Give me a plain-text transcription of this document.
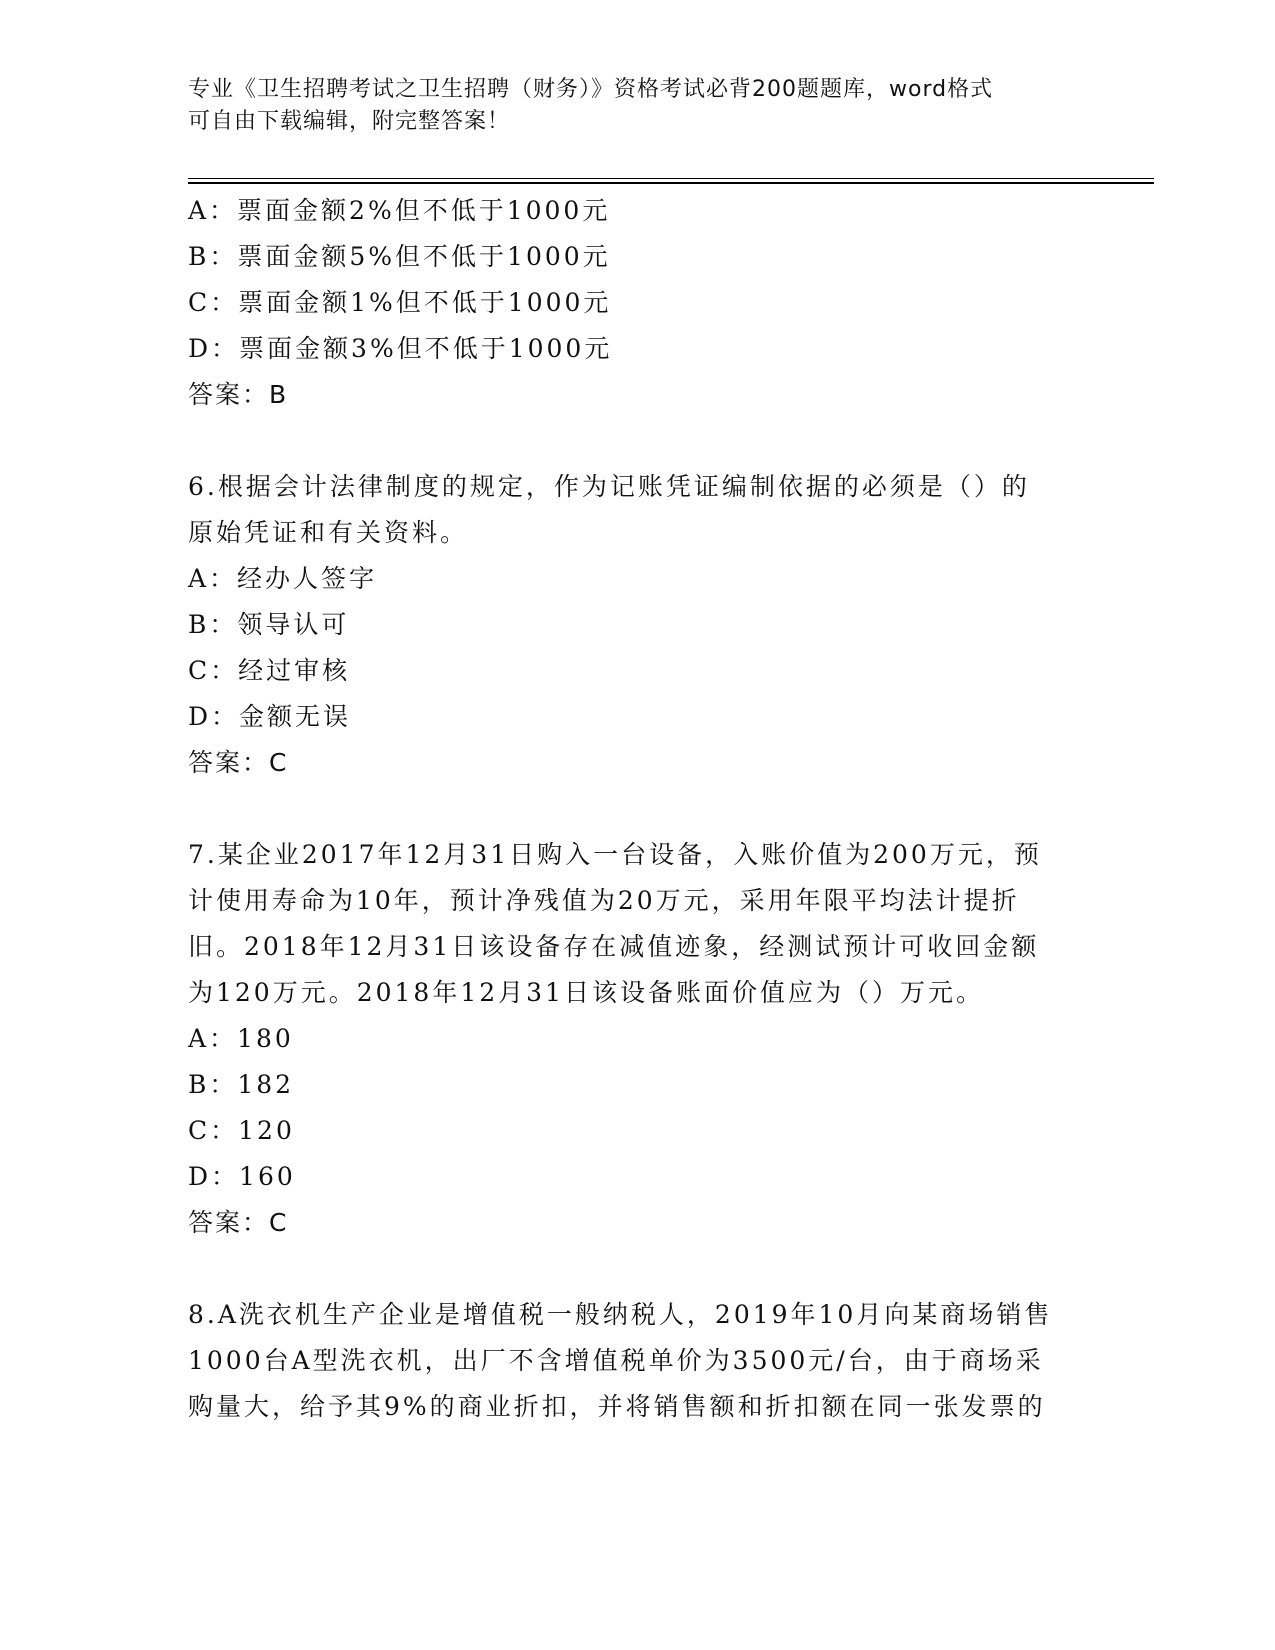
专业《卫生招聘考试之卫生招聘（财务）》资格考试必背200题题库，word格式
可自由下载编辑，附完整答案！
A：票面金额2%但不低于1000元
B：票面金额5%但不低于1000元
C：票面金额1%但不低于1000元
D：票面金额3%但不低于1000元
答案：B
6.根据会计法律制度的规定，作为记账凭证编制依据的必须是（）的
原始凭证和有关资料。
A：经办人签字
B：领导认可
C：经过审核
D：金额无误
答案：C
7.某企业2017年12月31日购入一台设备，入账价值为200万元，预
计使用寿命为10年，预计净残值为20万元，采用年限平均法计提折
旧。2018年12月31日该设备存在减值迹象，经测试预计可收回金额
为120万元。2018年12月31日该设备账面价值应为（）万元。
A：180
B：182
C：120
D：160
答案：C
8.A洗衣机生产企业是增值税一般纳税人，2019年10月向某商场销售
1000台A型洗衣机，出厂不含增值税单价为3500元/台，由于商场采
购量大，给予其9%的商业折扣，并将销售额和折扣额在同一张发票的
